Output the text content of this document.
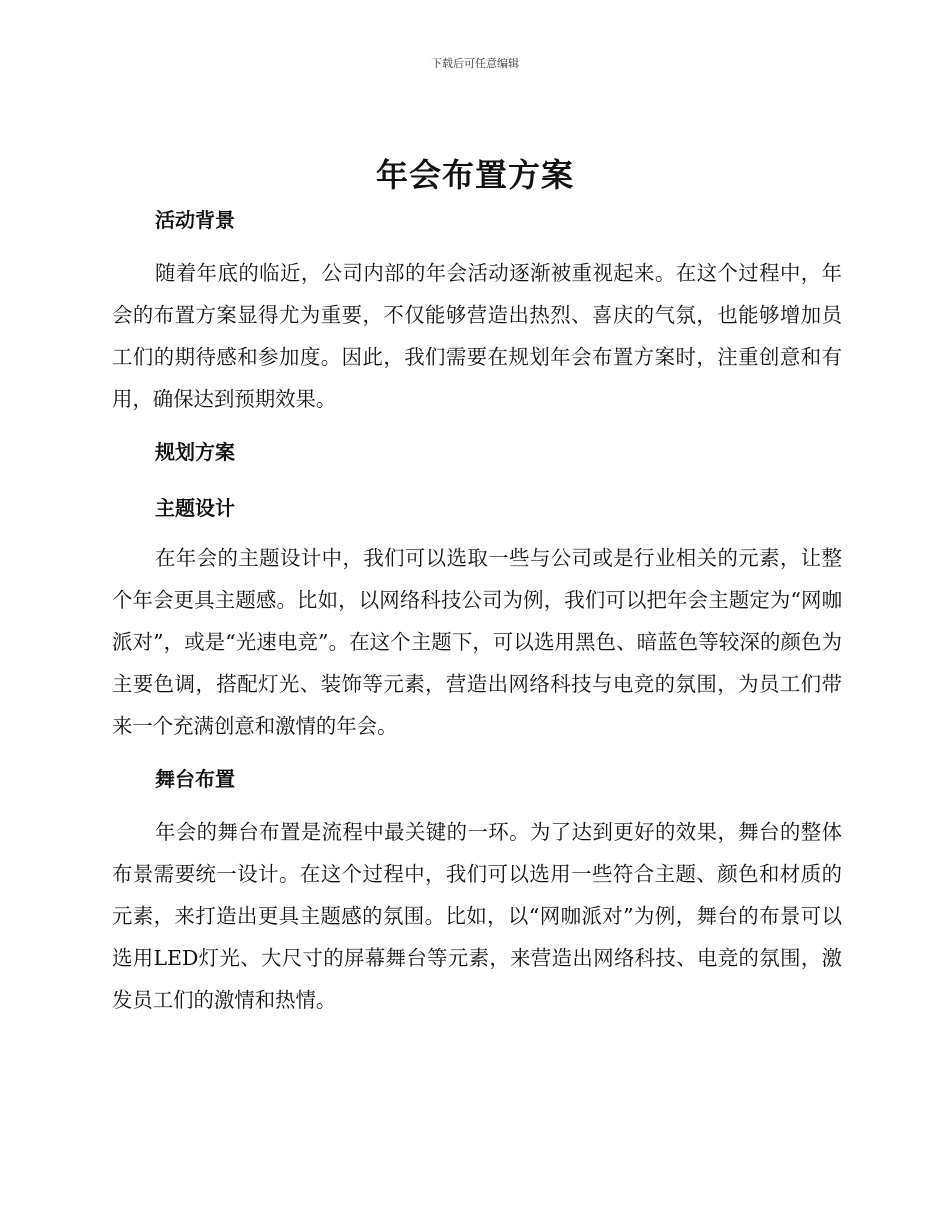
下载后可任意编辑
年会布置方案
活动背景

随着年底的临近，公司内部的年会活动逐渐被重视起来。在这个过程中，年会的布置方案显得尤为重要，不仅能够营造出热烈、喜庆的气氛，也能够增加员工们的期待感和参加度。因此，我们需要在规划年会布置方案时，注重创意和有用，确保达到预期效果。

规划方案
主题设计

在年会的主题设计中，我们可以选取一些与公司或是行业相关的元素，让整个年会更具主题感。比如，以网络科技公司为例，我们可以把年会主题定为“网咖派对”，或是“光速电竞”。在这个主题下，可以选用黑色、暗蓝色等较深的颜色为主要色调，搭配灯光、装饰等元素，营造出网络科技与电竞的氛围，为员工们带来一个充满创意和激情的年会。

舞台布置

年会的舞台布置是流程中最关键的一环。为了达到更好的效果，舞台的整体布景需要统一设计。在这个过程中，我们可以选用一些符合主题、颜色和材质的元素，来打造出更具主题感的氛围。比如，以“网咖派对”为例，舞台的布景可以选用LED灯光、大尺寸的屏幕舞台等元素，来营造出网络科技、电竞的氛围，激发员工们的激情和热情。
